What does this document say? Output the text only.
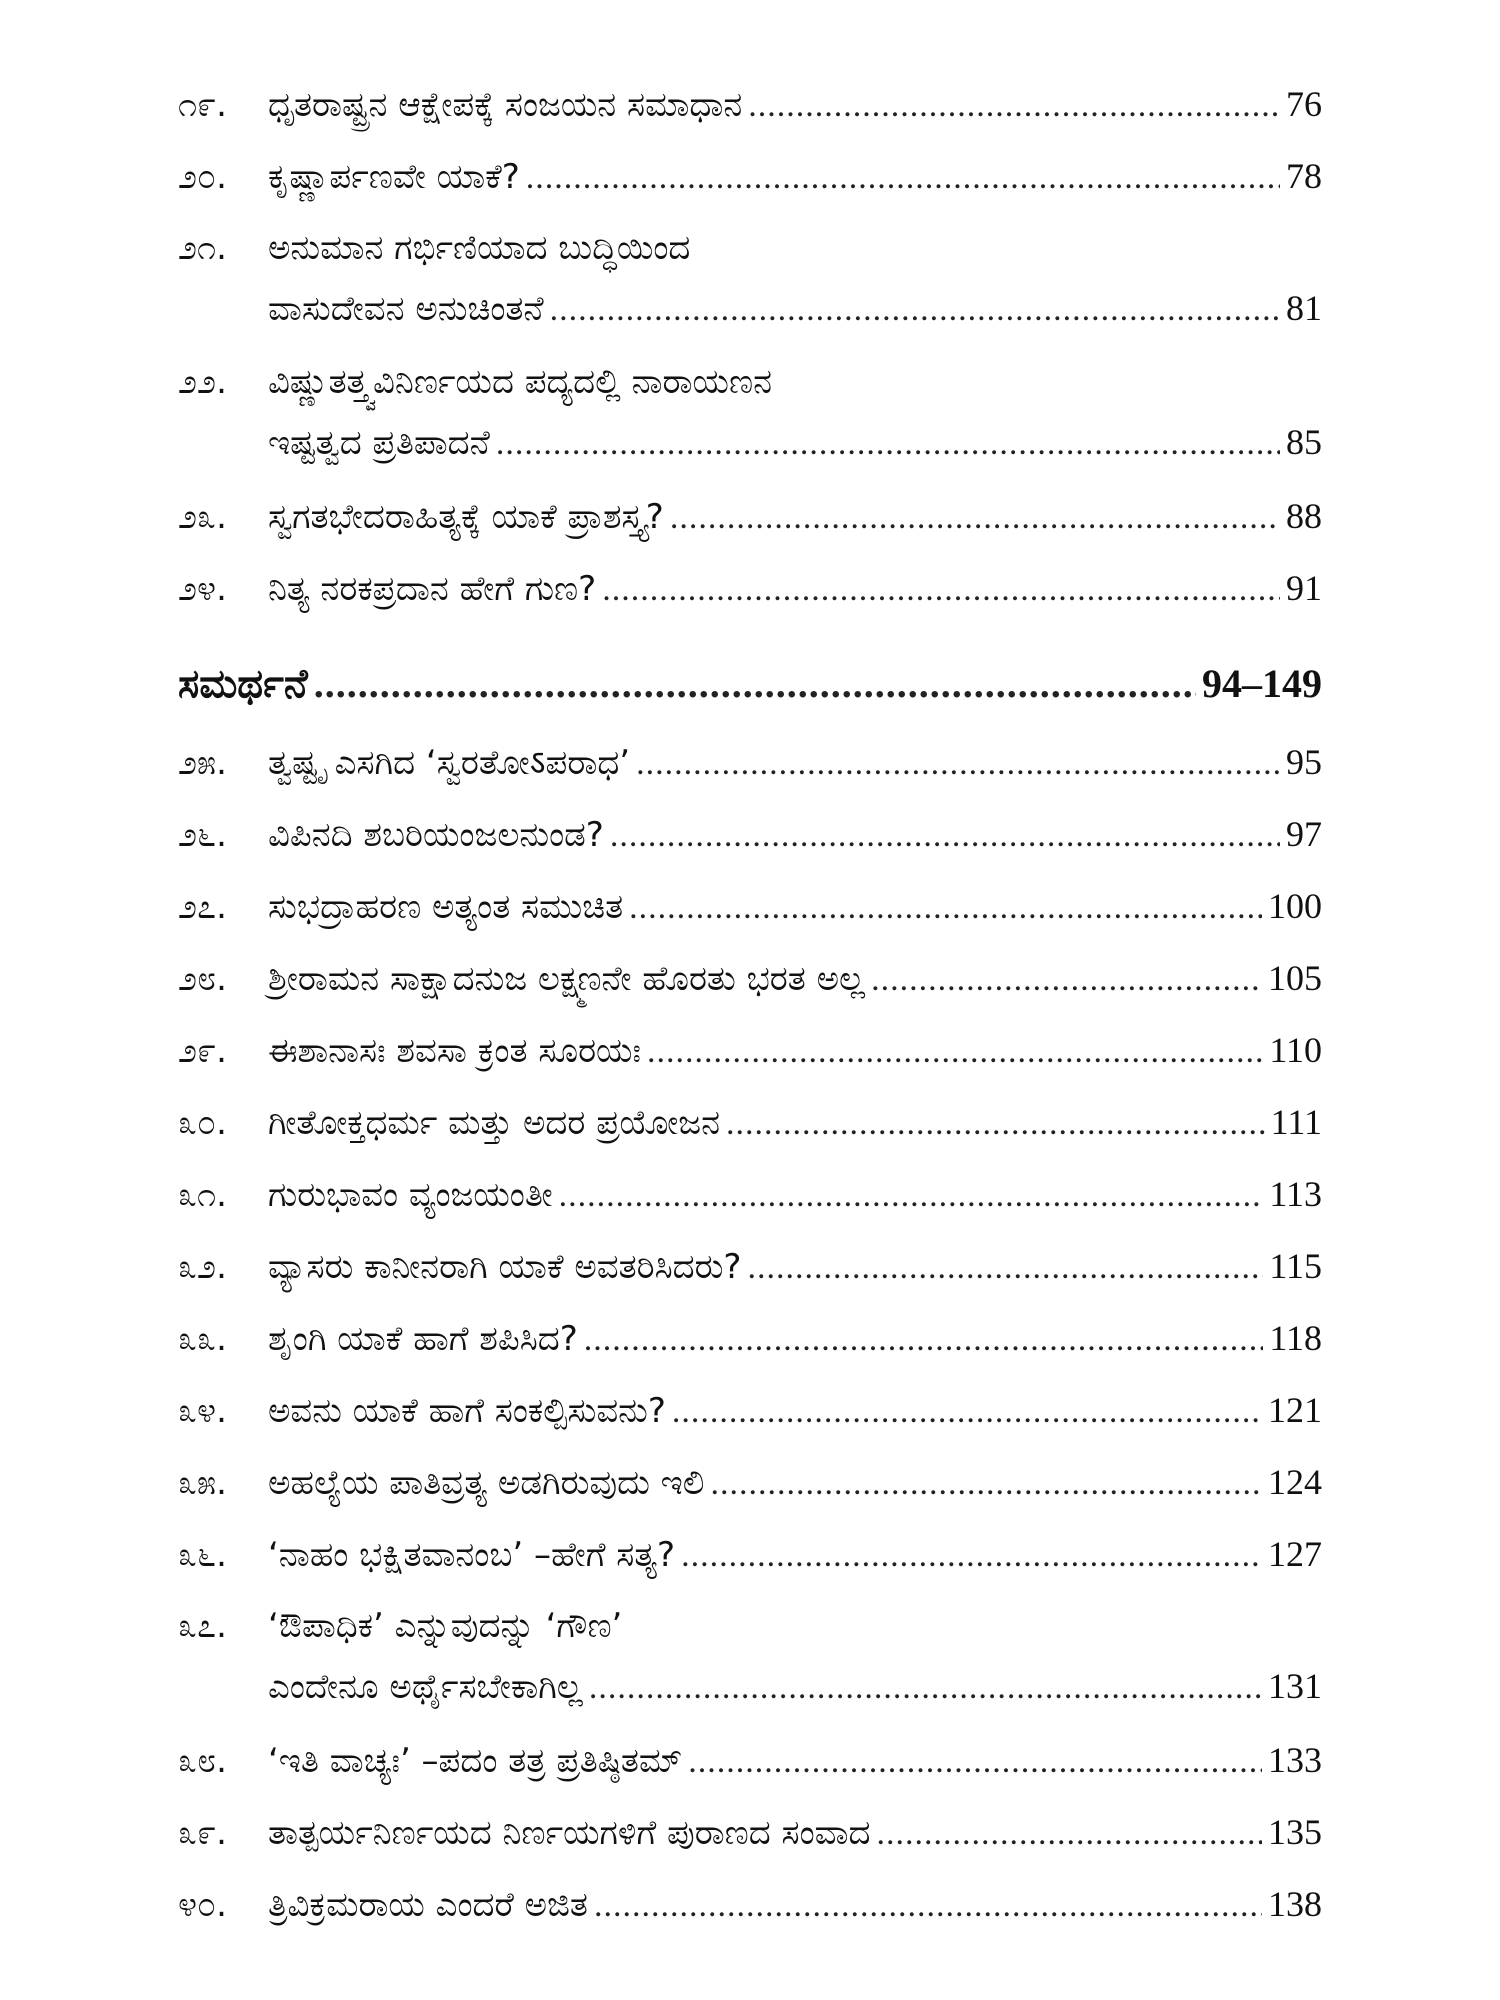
೧೯.	ಧೃತರಾಷ್ಟ್ರನ ಆಕ್ಷೇಪಕ್ಕೆ ಸಂಜಯನ ಸಮಾಧಾನ .....	76
೨೦.	ಕೃಷ್ಣಾರ್ಪಣವೇ ಯಾಕೆ? .....	78
೨೧.	ಅನುಮಾನ ಗರ್ಭಿಣಿಯಾದ ಬುದ್ಧಿಯಿಂದ
ವಾಸುದೇವನ ಅನುಚಿಂತನೆ .....	81
೨೨.	ವಿಷ್ಣುತತ್ತ್ವವಿನಿರ್ಣಯದ ಪದ್ಯದಲ್ಲಿ ನಾರಾಯಣನ
ಇಷ್ಟತ್ವದ ಪ್ರತಿಪಾದನೆ .....	85
೨೩.	ಸ್ವಗತಭೇದರಾಹಿತ್ಯಕ್ಕೆ ಯಾಕೆ ಪ್ರಾಶಸ್ತ್ಯ? .....	88
೨೪.	ನಿತ್ಯ ನರಕಪ್ರದಾನ ಹೇಗೆ ಗುಣ? .....	91
ಸಮರ್ಥನೆ .....	94–149
೨೫.	ತ್ವಷ್ಟೃ ಎಸಗಿದ ‘ಸ್ವರತೋऽಪರಾಧ’ .....	95
೨೬.	ವಿಪಿನದಿ ಶಬರಿಯಂಜಲನುಂಡ? .....	97
೨೭.	ಸುಭದ್ರಾಹರಣ ಅತ್ಯಂತ ಸಮುಚಿತ .....	100
೨೮.	ಶ್ರೀರಾಮನ ಸಾಕ್ಷಾದನುಜ ಲಕ್ಷ್ಮಣನೇ ಹೊರತು ಭರತ ಅಲ್ಲ .....	105
೨೯.	ಈಶಾನಾಸಃ ಶವಸಾ ಕ್ರಂತ ಸೂರಯಃ .....	110
೩೦.	ಗೀತೋಕ್ತಧರ್ಮ ಮತ್ತು ಅದರ ಪ್ರಯೋಜನ .....	111
೩೧.	ಗುರುಭಾವಂ ವ್ಯಂಜಯಂತೀ .....	113
೩೨.	ವ್ಯಾಸರು ಕಾನೀನರಾಗಿ ಯಾಕೆ ಅವತರಿಸಿದರು? .....	115
೩೩.	ಶೃಂಗಿ ಯಾಕೆ ಹಾಗೆ ಶಪಿಸಿದ? .....	118
೩೪.	ಅವನು ಯಾಕೆ ಹಾಗೆ ಸಂಕಲ್ಪಿಸುವನು? .....	121
೩೫.	ಅಹಲ್ಯೆಯ ಪಾತಿವ್ರತ್ಯ ಅಡಗಿರುವುದು ಇಲಿ .....	124
೩೬.	‘ನಾಹಂ ಭಕ್ಷಿತವಾನಂಬ’ –ಹೇಗೆ ಸತ್ಯ? .....	127
೩೭.	‘ಔಪಾಧಿಕ’ ಎನ್ನುವುದನ್ನು ‘ಗೌಣ’
ಎಂದೇನೂ ಅರ್ಥೈಸಬೇಕಾಗಿಲ್ಲ .....	131
೩೮.	‘ಇತಿ ವಾಚ್ಯಃ’ –ಪದಂ ತತ್ರ ಪ್ರತಿಷ್ಠಿತಮ್ .....	133
೩೯.	ತಾತ್ಪರ್ಯನಿರ್ಣಯದ ನಿರ್ಣಯಗಳಿಗೆ ಪುರಾಣದ ಸಂವಾದ .....	135
೪೦.	ತ್ರಿವಿಕ್ರಮರಾಯ ಎಂದರೆ ಅಜಿತ .....	138
